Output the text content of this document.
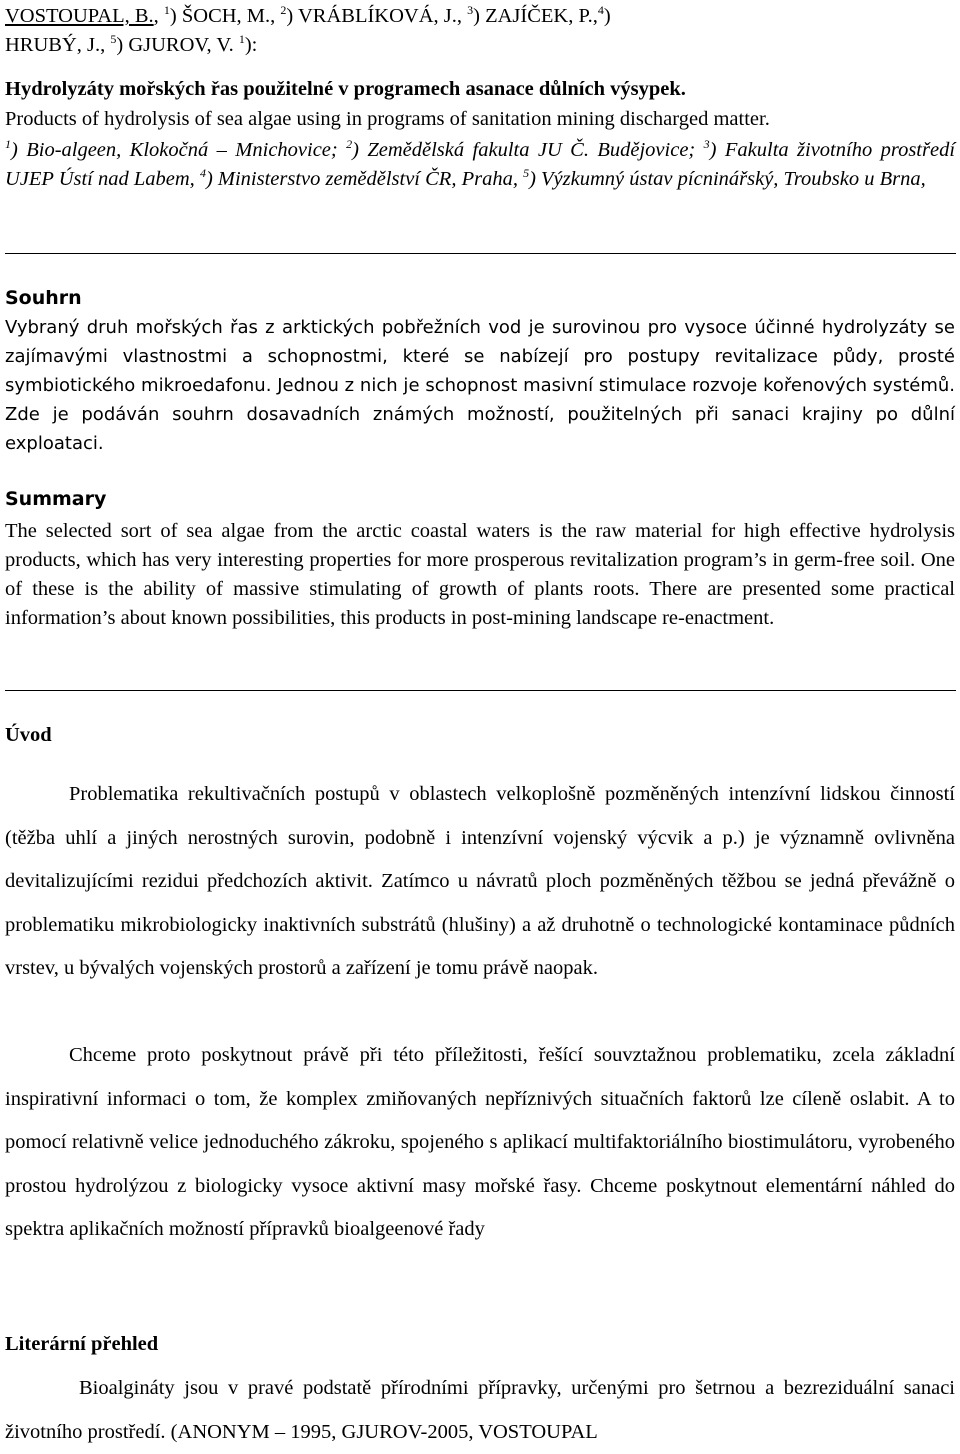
VOSTOUPAL, B., $^1$) ŠOCH, M., $^2$) VRÁBLÍKOVÁ, J., $^3$) ZAJÍČEK, P.,$^4$)
HRUBÝ, J., $^5$) GJUROV, V. $^1$):
Hydrolyzáty mořských řas použitelné v programech asanace důlních výsypek.
Products of hydrolysis of sea algae using in programs of sanitation mining discharged matter.
$^1$) Bio-algeen, Klokočná – Mnichovice; $^2$) Zemědělská fakulta JU Č. Budějovice; $^3$) Fakulta životního prostředí UJEP Ústí nad Labem, $^4$) Ministerstvo zemědělství ČR, Praha, $^5$) Výzkumný ústav pícninářský, Troubsko u Brna,
Souhrn
Vybraný druh mořských řas z arktických pobřežních vod je surovinou pro vysoce účinné hydrolyzáty se zajímavými vlastnostmi a schopnostmi, které se nabízejí pro postupy revitalizace půdy, prosté symbiotického mikroedafonu. Jednou z nich je schopnost masivní stimulace rozvoje kořenových systémů. Zde je podáván souhrn dosavadních známých možností, použitelných při sanaci krajiny po důlní exploataci.
Summary
The selected sort of sea algae from the arctic coastal waters is the raw material for high effective hydrolysis products, which has very interesting properties for more prosperous revitalization program’s in germ-free soil. One of these is the ability of massive stimulating of growth of plants roots. There are presented some practical information’s about known possibilities, this products in post-mining landscape re-enactment.
Úvod
Problematika rekultivačních postupů v oblastech velkoplošně pozměněných intenzívní lidskou činností (těžba uhlí a jiných nerostných surovin, podobně i intenzívní vojenský výcvik a p.) je významně ovlivněna devitalizujícími rezidui předchozích aktivit. Zatímco u návratů ploch pozměněných těžbou se jedná převážně o problematiku mikrobiologicky inaktivních substrátů (hlušiny) a až druhotně o technologické kontaminace půdních vrstev, u bývalých vojenských prostorů a zařízení je tomu právě naopak.
Chceme proto poskytnout právě při této příležitosti, řešící souvztažnou problematiku, zcela základní inspirativní informaci o tom, že komplex zmiňovaných nepříznivých situačních faktorů lze cíleně oslabit. A to pomocí relativně velice jednoduchého zákroku, spojeného s aplikací multifaktoriálního biostimulátoru, vyrobeného prostou hydrolýzou z biologicky vysoce aktivní masy mořské řasy. Chceme poskytnout elementární náhled do spektra aplikačních možností přípravků bioalgeenové řady
Literární přehled
Bioalgináty jsou v pravé podstatě přírodními přípravky, určenými pro šetrnou a bezreziduální sanaci životního prostředí. (ANONYM – 1995, GJUROV-2005, VOSTOUPAL
